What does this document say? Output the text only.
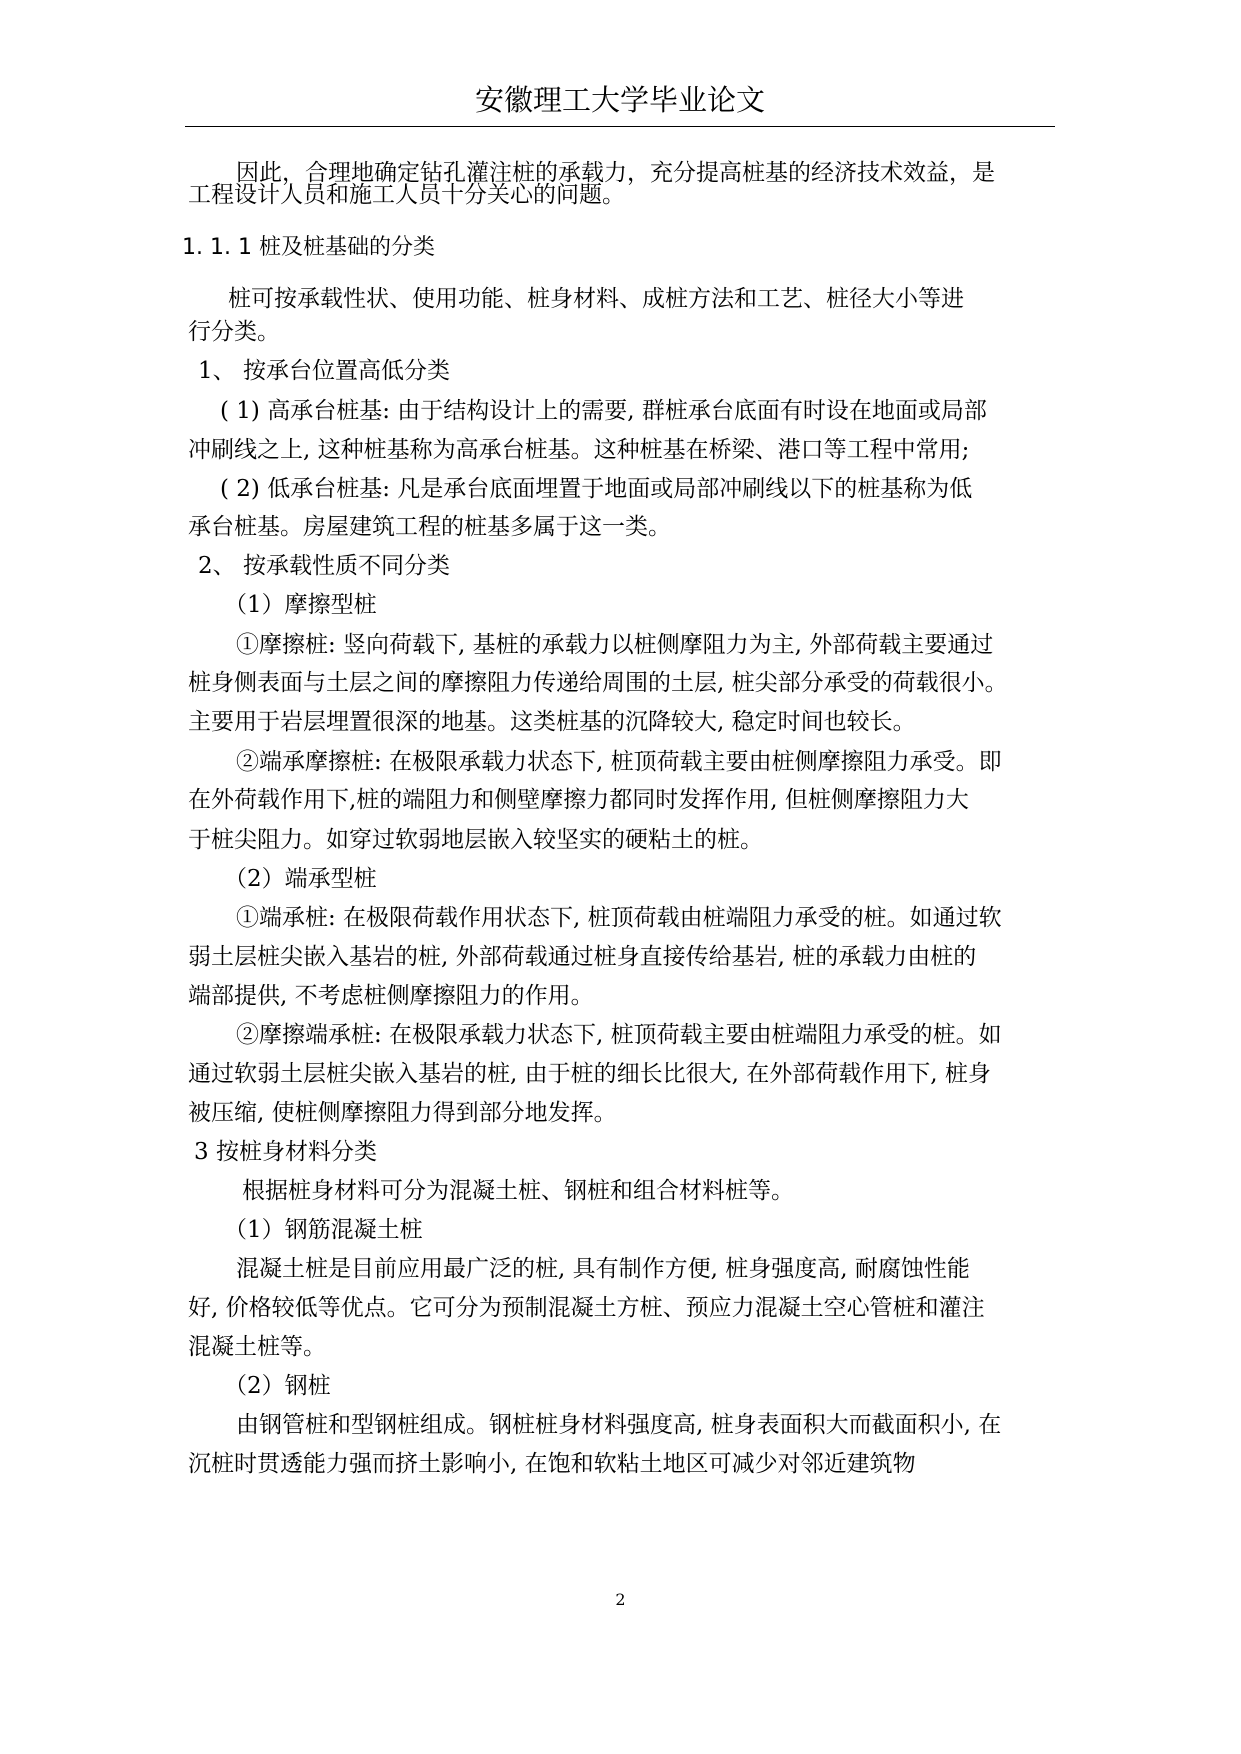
安徽理工大学毕业论文
因此，合理地确定钻孔灌注桩的承载力，充分提高桩基的经济技术效益，是
工程设计人员和施工人员十分关心的问题。
1. 1. 1 桩及桩基础的分类
桩可按承载性状、使用功能、桩身材料、成桩方法和工艺、桩径大小等进
行分类。
1、 按承台位置高低分类
( 1) 高承台桩基: 由于结构设计上的需要, 群桩承台底面有时设在地面或局部
冲刷线之上, 这种桩基称为高承台桩基。这种桩基在桥梁、港口等工程中常用;
( 2) 低承台桩基: 凡是承台底面埋置于地面或局部冲刷线以下的桩基称为低
承台桩基。房屋建筑工程的桩基多属于这一类。
2、 按承载性质不同分类
（1）摩擦型桩
①摩擦桩: 竖向荷载下, 基桩的承载力以桩侧摩阻力为主, 外部荷载主要通过
桩身侧表面与土层之间的摩擦阻力传递给周围的土层, 桩尖部分承受的荷载很小。
主要用于岩层埋置很深的地基。这类桩基的沉降较大, 稳定时间也较长。
②端承摩擦桩: 在极限承载力状态下, 桩顶荷载主要由桩侧摩擦阻力承受。即
在外荷载作用下,桩的端阻力和侧壁摩擦力都同时发挥作用, 但桩侧摩擦阻力大
于桩尖阻力。如穿过软弱地层嵌入较坚实的硬粘土的桩。
（2）端承型桩
①端承桩: 在极限荷载作用状态下, 桩顶荷载由桩端阻力承受的桩。如通过软
弱土层桩尖嵌入基岩的桩, 外部荷载通过桩身直接传给基岩, 桩的承载力由桩的
端部提供, 不考虑桩侧摩擦阻力的作用。
②摩擦端承桩: 在极限承载力状态下, 桩顶荷载主要由桩端阻力承受的桩。如
通过软弱土层桩尖嵌入基岩的桩, 由于桩的细长比很大, 在外部荷载作用下, 桩身
被压缩, 使桩侧摩擦阻力得到部分地发挥。
3 按桩身材料分类
根据桩身材料可分为混凝土桩、钢桩和组合材料桩等。
（1）钢筋混凝土桩
混凝土桩是目前应用最广泛的桩, 具有制作方便, 桩身强度高, 耐腐蚀性能
好, 价格较低等优点。它可分为预制混凝土方桩、预应力混凝土空心管桩和灌注
混凝土桩等。
（2）钢桩
由钢管桩和型钢桩组成。钢桩桩身材料强度高, 桩身表面积大而截面积小, 在
沉桩时贯透能力强而挤土影响小, 在饱和软粘土地区可减少对邻近建筑物
2
